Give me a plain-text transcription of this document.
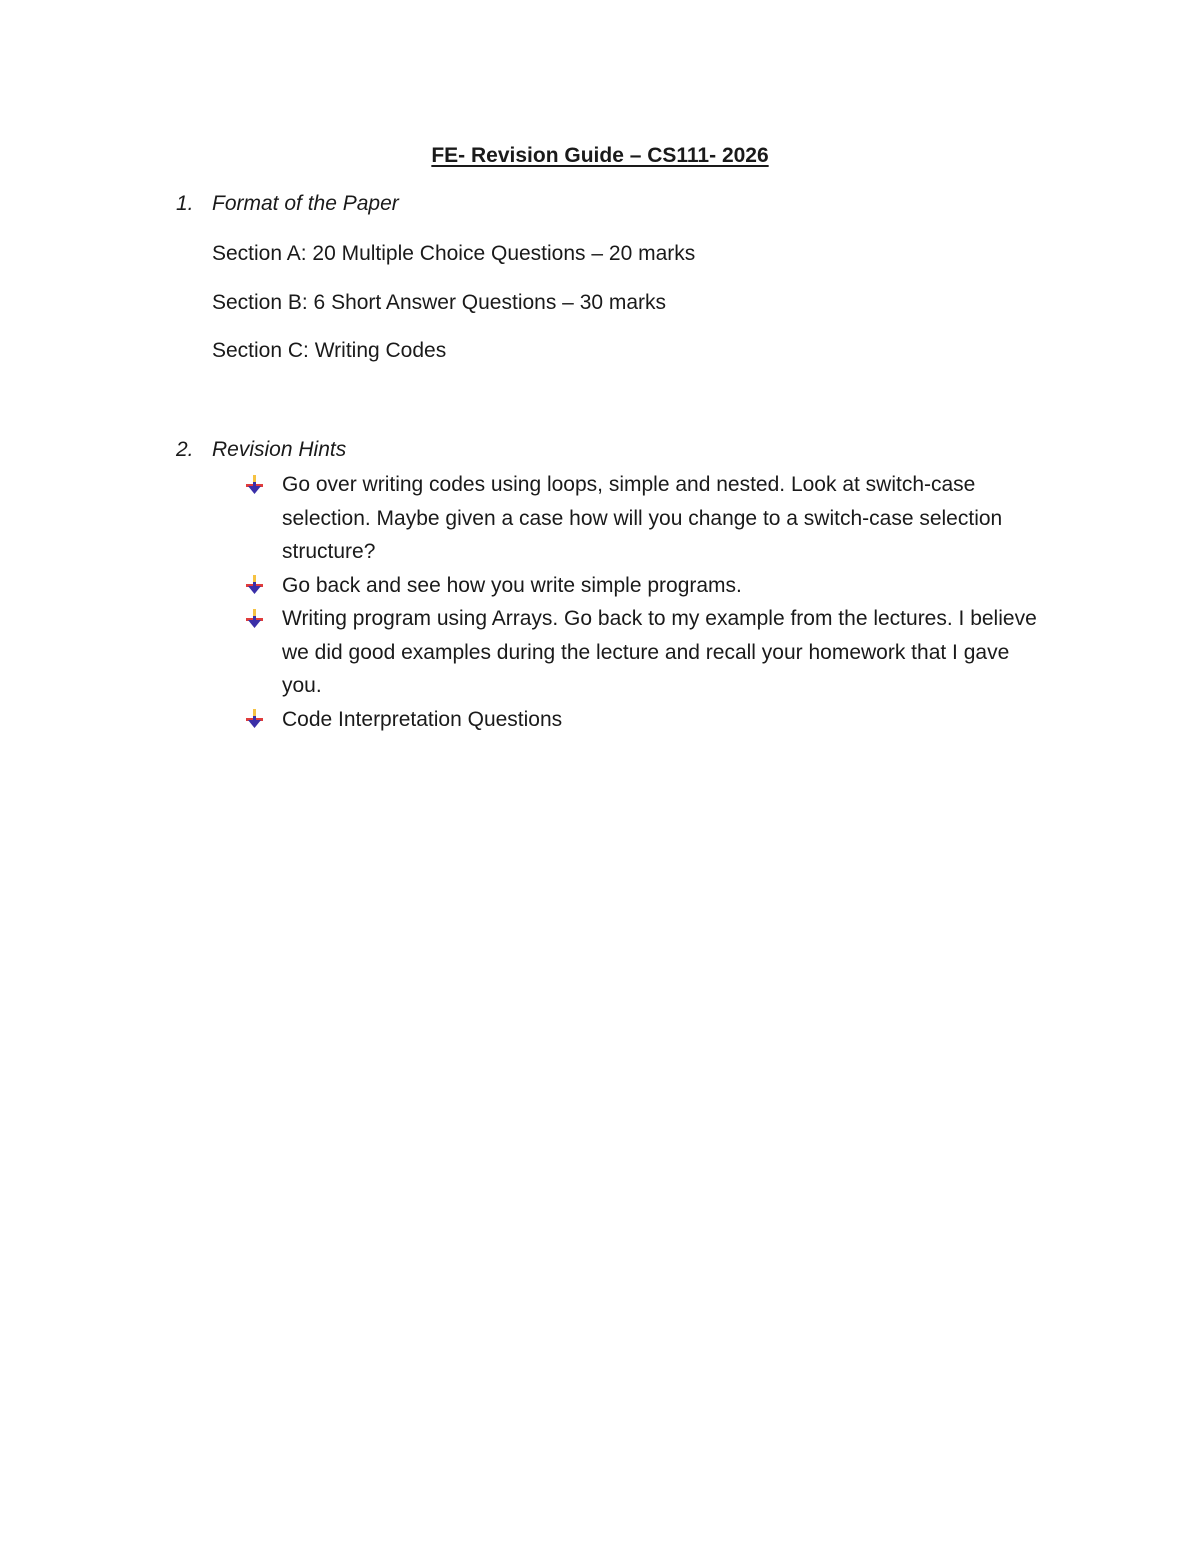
FE- Revision Guide – CS111- 2026
1. Format of the Paper
Section A: 20 Multiple Choice Questions – 20 marks
Section B: 6 Short Answer Questions – 30 marks
Section C: Writing Codes
2. Revision Hints
Go over writing codes using loops, simple and nested. Look at switch-case selection. Maybe given a case how will you change to a switch-case selection structure?
Go back and see how you write simple programs.
Writing program using Arrays. Go back to my example from the lectures. I believe we did good examples during the lecture and recall your homework that I gave you.
Code Interpretation Questions
